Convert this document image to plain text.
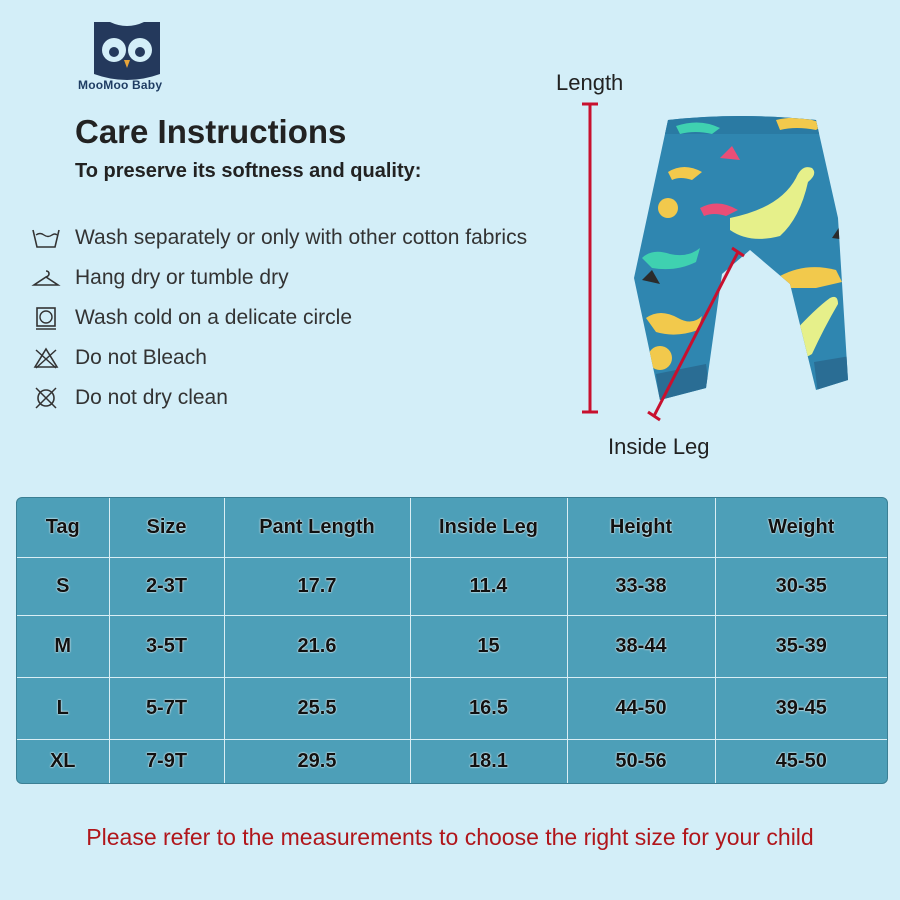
MooMoo Baby
Care Instructions
To preserve its softness and quality:
Wash separately or only with other cotton fabrics
Hang dry or tumble dry
Wash cold on a delicate circle
Do not Bleach
Do not dry clean
Length
Inside Leg
Tag	Size	Pant Length	Inside Leg	Height	Weight
S	2-3T	17.7	11.4	33-38	30-35
M	3-5T	21.6	15	38-44	35-39
L	5-7T	25.5	16.5	44-50	39-45
XL	7-9T	29.5	18.1	50-56	45-50
Please refer to the measurements to choose the right size for your child
